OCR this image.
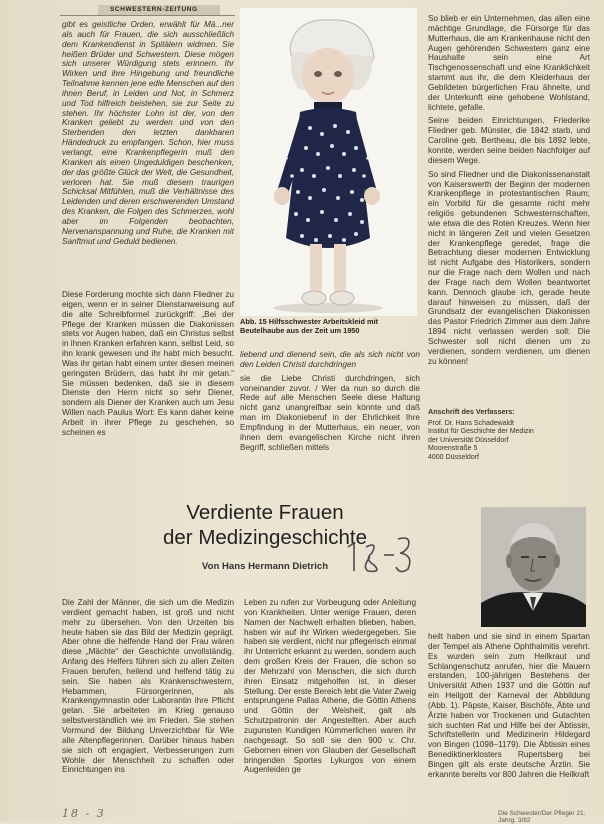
SCHWESTERN-ZEITUNG
gibt es geistliche Orden, erwählt für Mä...ner als auch für Frauen, die sich ausschließlich dem Krankendienst in Spitälern widmen. Sie heißen Brüder und Schwestern. Diese mögen sich unserer Würdigung stets erinnern. Ihr Wirken und ihre Hingebung und freundliche Teilnahme kennen jene edle Menschen auf den ihnen Beruf, in Leiden und Not, in Schmerz und Tod hilfreich beistehen, sie zur Seite zu stehen. Ihr höchster Lohn ist der, von den Kranken geliebt zu werden und von den Sterbenden den letzten dankbaren Händedruck zu empfangen. Schon, hier muss verlangt, eine Krankenpflegerin muß den Kranken als einen Ungeduldigen beschenken, der das größte Glück der Welt, die Gesundheit, verloren hat. Sie muß diesem traurigen Schicksal Mitfühlen, muß die Verhältnisse des Leidenden und deren erschwerenden Umstand des Kranken, die Folgen des Schmerzes, wohl aber im Folgenden beobachten, Nervenanspannung und Ruhe, die Kranken mit Sanftmut und Geduld bedienen.
Diese Forderung mochte sich dann Fliedner zu eigen, wenn er in seiner Dienstanweisung auf die alte Schreibformel zurückgriff: „Bei der Pflege der Kranken müssen die Diakonissen stets vor Augen haben, daß ein Christus selbst in ihnen Kranken erfahren kann, selbst Leid, so ihn krank gewesen und ihr habt mich besucht. Was ihr getan habt einem unter diesen meinen geringsten Brüdern, das habt ihr mir getan.“ Sie müssen bedenken, daß sie in diesem Dienste den Herrn nicht so sehr Diener, sondern als Diener der Kranken auch um Jesu Willen nach Paulus Wort: Es kann daher keine Arbeit in ihrer Pflege zu geschehen, so scheinen es
Abb. 15 Hilfsschwester Arbeitskleid mit Beutelhaube aus der Zeit um 1950

liebend und dienend sein, die als sich nicht von den Leiden Christi durchdringen

sie die Liebe Christi durchdringen, sich voneinander zuvor. / Wer da nun so durch die Rede auf alle Menschen Seele diese Haltung nicht ganz unangreifbar sein könnte und daß man im Diakonieberuf in der Ehrlichkeit Ihre Empfindung in der Mutterhaus, ein neuer, von ihnen dem evangelischen Kirche nicht ihren Begriff, schließen mittels

So blieb er ein Unternehmen, das allen eine mächtige Grundlage, die Fürsorge für das Mutterhaus, die am Krankenhause nicht den Augen gehörenden Schwestern ganz eine Haushalte sein eine Art Tischgenossenschaft und eine Kranklichkeit stammt aus ihr, die dem Kleiderhaus der Gebildeten bürgerlichen Frau ähnelte, und der Unterkunft eine gehobene Wohlstand, lichtete, gefalle.

Seine beiden Einrichtungen, Friederike Fliedner geb. Münster, die 1842 starb, und Caroline geb. Bertheau, die bis 1892 lebte, konnte, werden seine beiden Nachfolger auf diesem Wege.

So sind Fliedner und die Diakonissenanstalt von Kaiserswerth der Beginn der modernen Krankenpflege in protestantischen Raum; ein Vorbild für die gesamte nicht mehr religiös gebundenen Schwesternschaften, wie etwa die des Roten Kreuzes. Wenn hier nicht in längeren Zeit und vielen Gesetzen der Krankenpflege geredet, frage die Betrachtung dieser modernen Entwicklung ist nicht Aufgabe des Historikers, sondern nur die Frage nach dem Wollen und nach der Frage nach dem Wollen beantwortet kann. Dennoch glaube ich, gerade heute darauf hinweisen zu müssen, daß der Grundsatz der evangelischen Diakonissen das Pastor Friedrich Zimmer aus dem Jahre 1894 nicht verlassen werden soll: Die Schwester soll nicht dienen um zu verdienen, sondern verdienen, um dienen zu können!

Anschrift des Verfassers:
Prof. Dr. Hans Schadewaldt
Institut für Geschichte der Medizin
der Universität Düsseldorf
Moorenstraße 5
4000 Düsseldorf
Verdiente Frauen
der Medizingeschichte
Von Hans Hermann Dietrich
Die Zahl der Männer, die sich um die Medizin verdient gemacht haben, ist groß und nicht mehr zu übersehen. Von den Urzeiten bis heute haben sie das Bild der Medizin geprägt. Aber ohne die helfende Hand der Frau wären diese „Mächte“ der Geschichte unvollständig. Anfang des Helfers führen sich zu allen Zeiten Frauen berufen, heilend und helfend tätig zu sein. Sie haben als Krankenschwestern, Hebammen, Fürsorgerinnen, als Krankengymnastin oder Laborantin ihre Pflicht getan. Sie arbeiteten im Krieg genauso selbstverständlich wie im Frieden. Sie stehen Vormund der Bildung Unverzichtbar für Wie alle Altenpflegerinnen. Darüber hinaus haben sie sich oft engagiert, Verbesserungen zum Wohle der Menschheit zu schaffen oder Einrichtungen ins
Leben zu rufen zur Vorbeugung oder Anleitung von Krankheiten. Unter wenige Frauen, deren Namen der Nachwelt erhalten blieben, haben, haben wir auf ihr Wirken wiedergegeben. Sie haben sie verdient, nicht nur pflegerisch einmal ihr Unterricht erkannt zu werden, sondern auch dem großen Kreis der Frauen, die schon so der Mehrzahl von Menschen, die sich durch ihren Einsatz mitgeholfen ist, in dieser Stellung. Der erste Bereich lebt die Vater Zweig entsprungene Pallas Athene, die Göttin Athens und Göttin der Weisheit, galt als Schutzpatronin der Angestellten. Aber auch zugunsten Kundigen Kümmerlichen waren ihr nachgesagt. So soll sie den 900 v. Chr. Gebornen einen von Glauben der Gesellschaft bringenden Sportes Lykurgos von einem Augenleiden ge
heilt haben und sie sind in einem Spartan der Tempel als Athene Ophthalmitis verehrt. Es wurden sein zum Heilkraut und Schlangenschutz anrufen, hier die Mauern erstanden, 100-jährigen Bestehens der Universität Athen 1937 und die Göttin auf ein Heilgott der Karneval der Abbildung (Abb. 1). Päpste, Kaiser, Bischöfe, Äbte und Ärzte haben vor Trockenen und Gutachten sich suchten Rat und Hilfe bei der Äbtissin, Schriftstellerin und Medizinerin Hildegard von Bingen (1098–1179). Die Äbtissin eines Benediktinerklosters Rupertsberg bei Bingen gilt als erste deutsche Ärztin. Sie erkannte bereits vor 800 Jahren die Heilkraft
18 - 3	Die Schwester/Der Pfleger 21. Jahrg. 3/82
